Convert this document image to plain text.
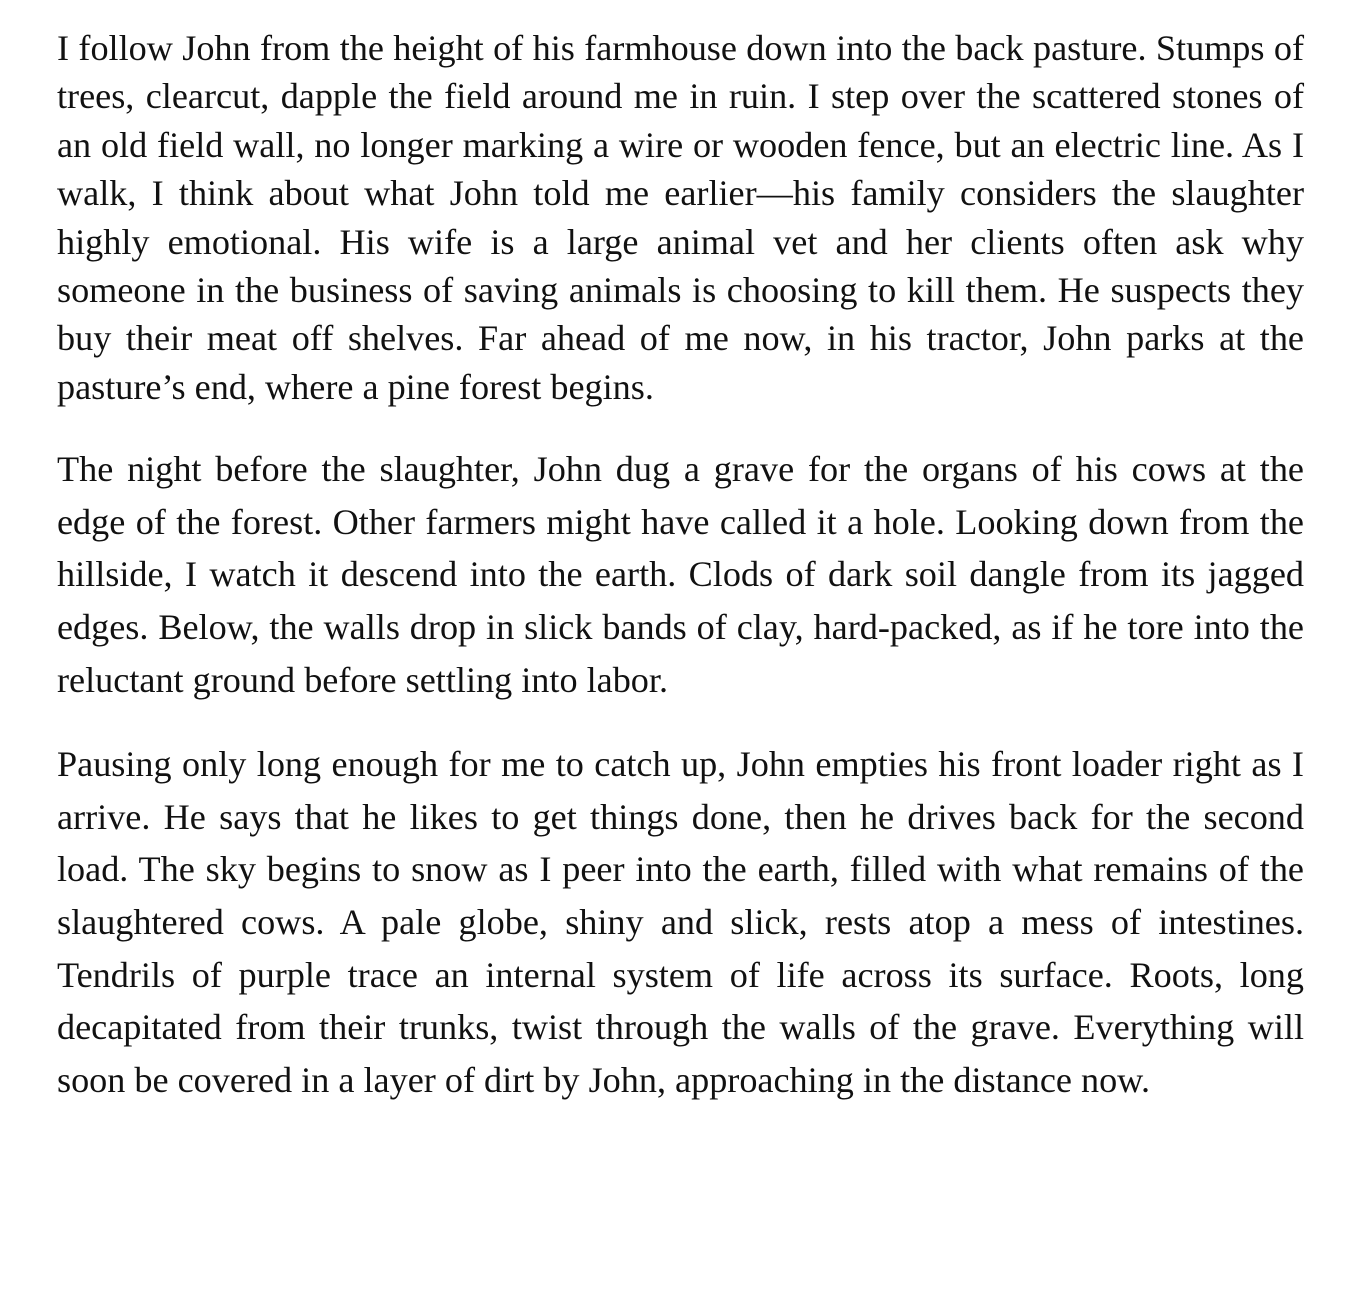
I follow John from the height of his farmhouse down into the back pasture. Stumps of trees, clearcut, dapple the field around me in ruin. I step over the scattered stones of an old field wall, no longer marking a wire or wooden fence, but an electric line. As I walk, I think about what John told me earlier—his family considers the slaughter highly emotional. His wife is a large animal vet and her clients often ask why someone in the business of saving animals is choosing to kill them. He suspects they buy their meat off shelves. Far ahead of me now, in his tractor, John parks at the pasture’s end, where a pine forest begins.

The night before the slaughter, John dug a grave for the organs of his cows at the edge of the forest. Other farmers might have called it a hole. Looking down from the hillside, I watch it descend into the earth. Clods of dark soil dangle from its jagged edges. Below, the walls drop in slick bands of clay, hard-packed, as if he tore into the reluctant ground before settling into labor.

Pausing only long enough for me to catch up, John empties his front loader right as I arrive. He says that he likes to get things done, then he drives back for the second load. The sky begins to snow as I peer into the earth, filled with what remains of the slaughtered cows. A pale globe, shiny and slick, rests atop a mess of intestines. Tendrils of purple trace an internal system of life across its surface. Roots, long decapitated from their trunks, twist through the walls of the grave. Everything will soon be covered in a layer of dirt by John, approaching in the distance now.
